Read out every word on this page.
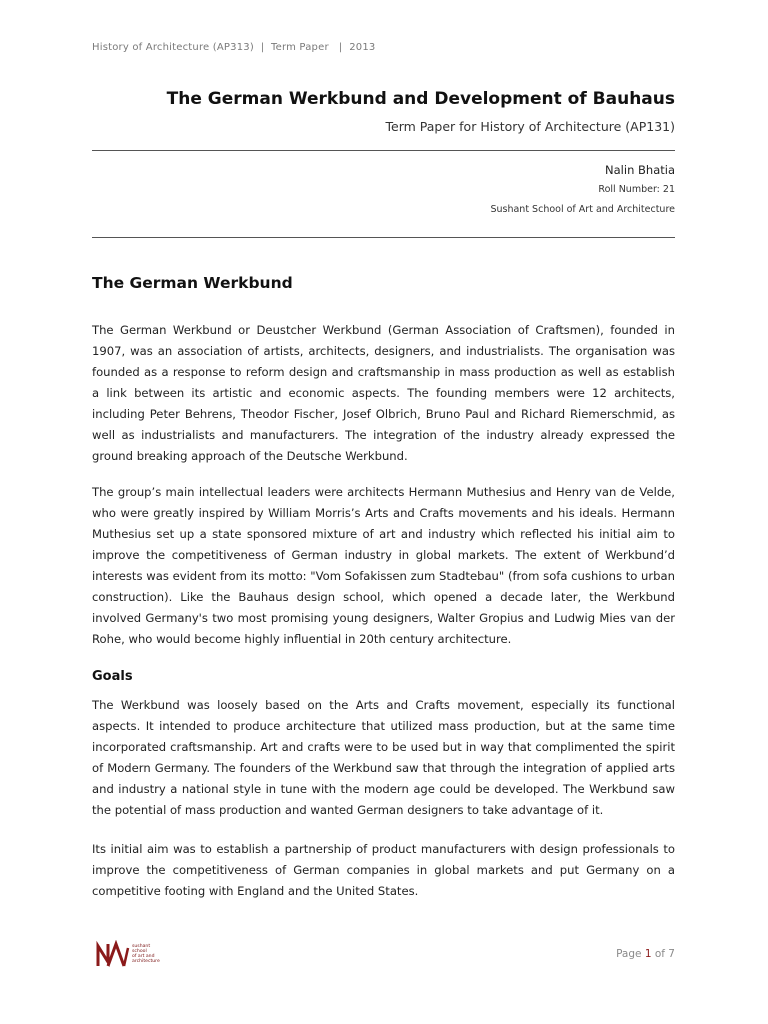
History of Architecture (AP313)  |  Term Paper   |  2013
The German Werkbund and Development of Bauhaus
Term Paper for History of Architecture (AP131)
Nalin Bhatia
Roll Number: 21
Sushant School of Art and Architecture
The German Werkbund

The German Werkbund or Deustcher Werkbund (German Association of Craftsmen), founded in 1907, was an association of artists, architects, designers, and industrialists. The organisation was founded as a response to reform design and craftsmanship in mass production as well as establish a link between its artistic and economic aspects. The founding members were 12 architects, including Peter Behrens, Theodor Fischer, Josef Olbrich, Bruno Paul and Richard Riemerschmid, as well as industrialists and manufacturers. The integration of the industry already expressed the ground breaking approach of the Deutsche Werkbund.

The group’s main intellectual leaders were architects Hermann Muthesius and Henry van de Velde, who were greatly inspired by William Morris’s Arts and Crafts movements and his ideals. Hermann Muthesius set up a state sponsored mixture of art and industry which reflected his initial aim to improve the competitiveness of German industry in global markets. The extent of Werkbund’d interests was evident from its motto: "Vom Sofakissen zum Stadtebau" (from sofa cushions to urban construction). Like the Bauhaus design school, which opened a decade later, the Werkbund involved Germany's two most promising young designers, Walter Gropius and Ludwig Mies van der Rohe, who would become highly influential in 20th century architecture.

Goals

The Werkbund was loosely based on the Arts and Crafts movement, especially its functional aspects. It intended to produce architecture that utilized mass production, but at the same time incorporated craftsmanship. Art and crafts were to be used but in way that complimented the spirit of Modern Germany. The founders of the Werkbund saw that through the integration of applied arts and industry a national style in tune with the modern age could be developed. The Werkbund saw the potential of mass production and wanted German designers to take advantage of it.

Its initial aim was to establish a partnership of product manufacturers with design professionals to improve the competitiveness of German companies in global markets and put Germany on a competitive footing with England and the United States.

sushant
school
of art and
architecture
Page 1 of 7
